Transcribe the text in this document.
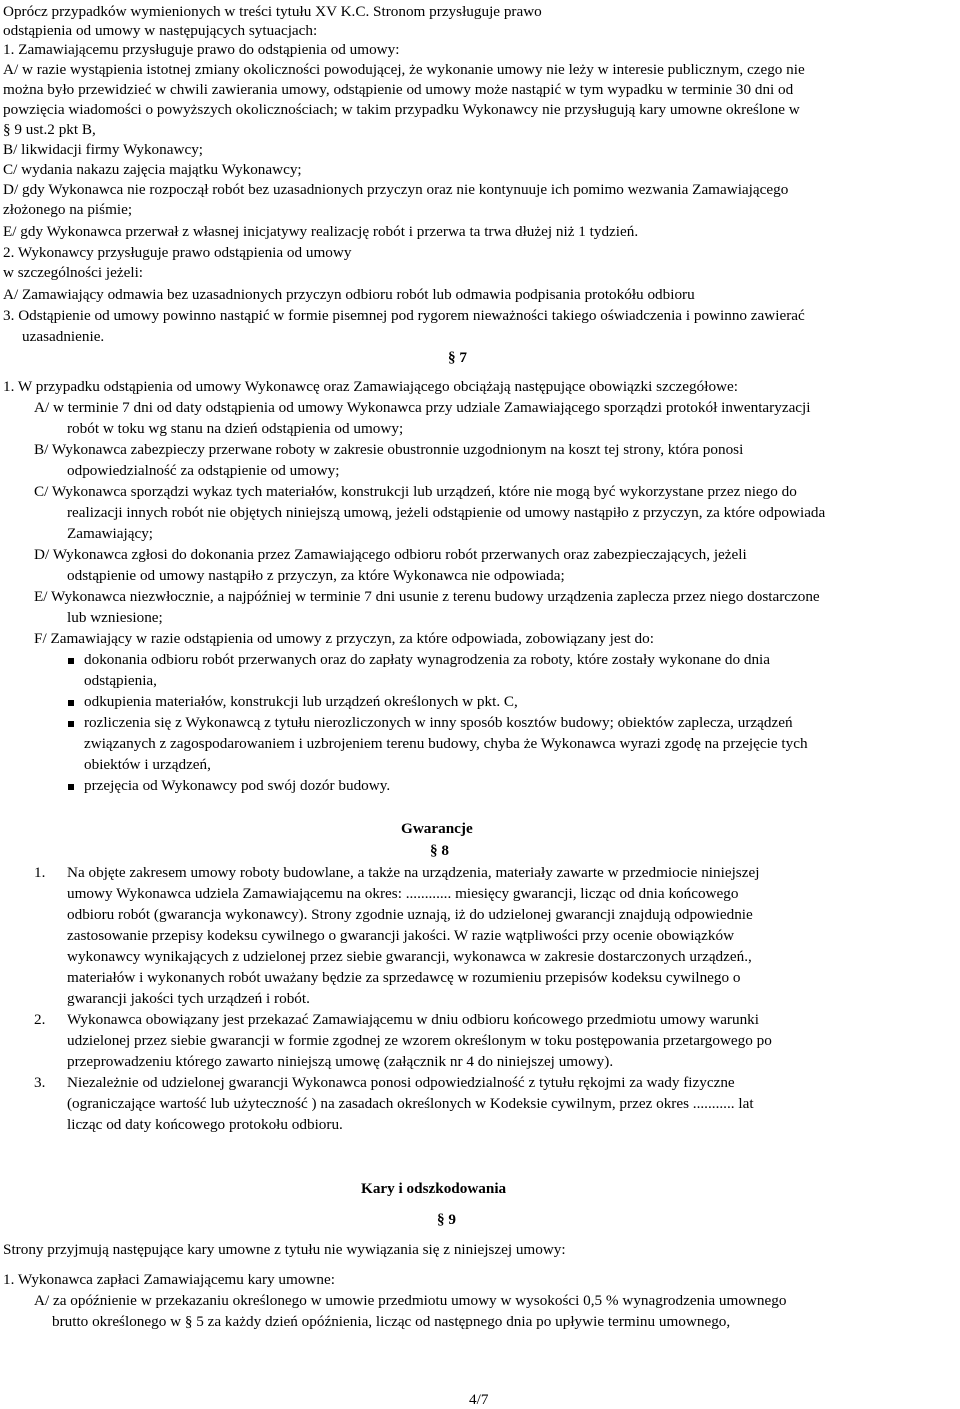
Oprócz przypadków wymienionych w treści tytułu XV K.C. Stronom przysługuje prawo
odstąpienia od umowy w następujących sytuacjach:
1. Zamawiającemu przysługuje prawo do odstąpienia od umowy:
A/ w razie wystąpienia istotnej zmiany okoliczności powodującej, że wykonanie umowy nie leży w interesie publicznym, czego nie
można było przewidzieć w chwili zawierania umowy, odstąpienie od umowy może nastąpić w tym wypadku w terminie 30 dni od
powzięcia wiadomości o powyższych okolicznościach; w takim przypadku Wykonawcy nie przysługują kary umowne określone w
§ 9 ust.2 pkt B,
B/ likwidacji firmy Wykonawcy;
C/ wydania nakazu zajęcia majątku Wykonawcy;
D/ gdy Wykonawca nie rozpoczął robót bez uzasadnionych przyczyn oraz nie kontynuuje ich pomimo wezwania Zamawiającego
złożonego na piśmie;
E/ gdy Wykonawca przerwał z własnej inicjatywy realizację robót i przerwa ta trwa dłużej niż 1 tydzień.
2. Wykonawcy przysługuje prawo odstąpienia od umowy
w szczególności jeżeli:
A/ Zamawiający odmawia bez uzasadnionych przyczyn odbioru robót lub odmawia podpisania protokółu odbioru
3. Odstąpienie od umowy powinno nastąpić w formie pisemnej pod rygorem nieważności takiego oświadczenia i powinno zawierać
uzasadnienie.
§ 7
1. W przypadku odstąpienia od umowy Wykonawcę oraz Zamawiającego obciążają następujące obowiązki szczegółowe:
A/ w terminie 7 dni od daty odstąpienia od umowy Wykonawca przy udziale Zamawiającego sporządzi protokół inwentaryzacji
robót w toku wg stanu na dzień odstąpienia od umowy;
B/ Wykonawca zabezpieczy przerwane roboty w zakresie obustronnie uzgodnionym na koszt tej strony, która ponosi
odpowiedzialność za odstąpienie od umowy;
C/ Wykonawca sporządzi wykaz tych materiałów, konstrukcji lub urządzeń, które nie mogą być wykorzystane przez niego do
realizacji innych robót nie objętych niniejszą umową, jeżeli odstąpienie od umowy nastąpiło z przyczyn, za które odpowiada
Zamawiający;
D/ Wykonawca zgłosi do dokonania przez Zamawiającego odbioru robót przerwanych oraz zabezpieczających, jeżeli
odstąpienie od umowy nastąpiło z przyczyn, za które Wykonawca nie odpowiada;
E/ Wykonawca niezwłocznie, a najpóźniej w terminie 7 dni usunie z terenu budowy urządzenia zaplecza przez niego dostarczone
lub wzniesione;
F/ Zamawiający w razie odstąpienia od umowy z przyczyn, za które odpowiada, zobowiązany jest do:
dokonania odbioru robót przerwanych oraz do zapłaty wynagrodzenia za roboty, które zostały wykonane do dnia
odstąpienia,
odkupienia materiałów, konstrukcji lub urządzeń określonych w pkt. C,
rozliczenia się z Wykonawcą z tytułu nierozliczonych w inny sposób kosztów budowy; obiektów zaplecza, urządzeń
związanych z zagospodarowaniem i uzbrojeniem terenu budowy, chyba że Wykonawca wyrazi zgodę na przejęcie tych
obiektów i urządzeń,
przejęcia od Wykonawcy pod swój dozór budowy.
Gwarancje
§ 8
1. Na objęte zakresem umowy roboty budowlane, a także na urządzenia, materiały zawarte w przedmiocie niniejszej
umowy Wykonawca udziela Zamawiającemu na okres: ............ miesięcy gwarancji, licząc od dnia końcowego
odbioru robót (gwarancja wykonawcy). Strony zgodnie uznają, iż do udzielonej gwarancji znajdują odpowiednie
zastosowanie przepisy kodeksu cywilnego o gwarancji jakości. W razie wątpliwości przy ocenie obowiązków
wykonawcy wynikających z udzielonej przez siebie gwarancji, wykonawca w zakresie dostarczonych urządzeń.,
materiałów i wykonanych robót uważany będzie za sprzedawcę w rozumieniu przepisów kodeksu cywilnego o
gwarancji jakości tych urządzeń i robót.
2. Wykonawca obowiązany jest przekazać Zamawiającemu w dniu odbioru końcowego przedmiotu umowy warunki
udzielonej przez siebie gwarancji w formie zgodnej ze wzorem określonym w toku postępowania przetargowego po
przeprowadzeniu którego zawarto niniejszą umowę (załącznik nr 4 do niniejszej umowy).
3. Niezależnie od udzielonej gwarancji Wykonawca ponosi odpowiedzialność z tytułu rękojmi za wady fizyczne
(ograniczające wartość lub użyteczność ) na zasadach określonych w Kodeksie cywilnym, przez okres ........... lat
licząc od daty końcowego protokołu odbioru.
Kary i odszkodowania
§ 9
Strony przyjmują następujące kary umowne z tytułu nie wywiązania się z niniejszej umowy:
1. Wykonawca zapłaci Zamawiającemu kary umowne:
A/ za opóźnienie w przekazaniu określonego w umowie przedmiotu umowy w wysokości 0,5 % wynagrodzenia umownego
brutto określonego w § 5 za każdy dzień opóźnienia, licząc od następnego dnia po upływie terminu umownego,
4/7
